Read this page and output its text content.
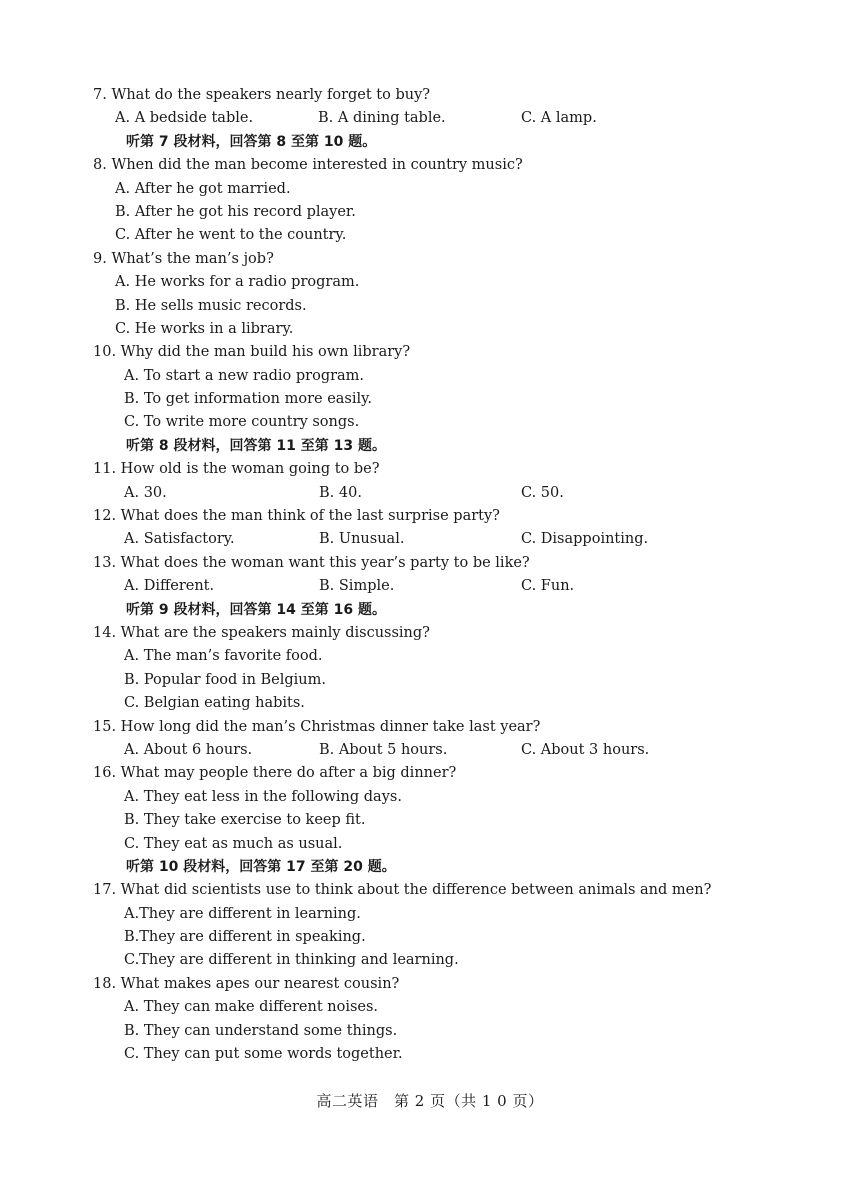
7. What do the speakers nearly forget to buy?
A. A bedside table.	B. A dining table.	C. A lamp.
听第 7 段材料，回答第 8 至第 10 题。
8. When did the man become interested in country music?
A. After he got married.
B. After he got his record player.
C. After he went to the country.
9. What’s the man’s job?
A. He works for a radio program.
B. He sells music records.
C. He works in a library.
10. Why did the man build his own library?
A. To start a new radio program.
B. To get information more easily.
C. To write more country songs.
听第 8 段材料，回答第 11 至第 13 题。
11. How old is the woman going to be?
A. 30.	B. 40.	C. 50.
12. What does the man think of the last surprise party?
A. Satisfactory.	B. Unusual.	C. Disappointing.
13. What does the woman want this year’s party to be like?
A. Different.	B. Simple.	C. Fun.
听第 9 段材料，回答第 14 至第 16 题。
14. What are the speakers mainly discussing?
A. The man’s favorite food.
B. Popular food in Belgium.
C. Belgian eating habits.
15. How long did the man’s Christmas dinner take last year?
A. About 6 hours.	B. About 5 hours.	C. About 3 hours.
16. What may people there do after a big dinner?
A. They eat less in the following days.
B. They take exercise to keep fit.
C. They eat as much as usual.
听第 10 段材料，回答第 17 至第 20 题。
17. What did scientists use to think about the difference between animals and men?
A.They are different in learning.
B.They are different in speaking.
C.They are different in thinking and learning.
18. What makes apes our nearest cousin?
A. They can make different noises.
B. They can understand some things.
C. They can put some words together.
高二英语　第 2 页（共 1 0 页）
